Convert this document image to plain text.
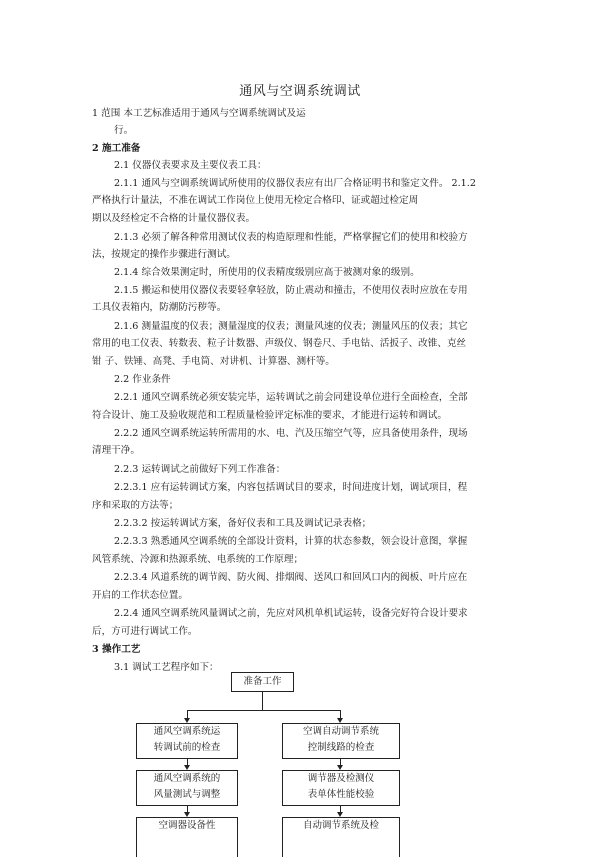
通风与空调系统调试
1 范围 本工艺标准适用于通风与空调系统调试及运
行。
2 施工准备
2.1 仪器仪表要求及主要仪表工具：
2.1.1 通风与空调系统调试所使用的仪器仪表应有出厂合格证明书和鉴定文件。 2.1.2
严格执行计量法，不准在调试工作岗位上使用无检定合格印、证或超过检定周
期以及经检定不合格的计量仪器仪表。
2.1.3 必须了解各种常用测试仪表的构造原理和性能，严格掌握它们的使用和校验方
法，按规定的操作步骤进行测试。
2.1.4 综合效果测定时，所使用的仪表精度级别应高于被测对象的级别。
2.1.5 搬运和使用仪器仪表要轻拿轻放，防止震动和撞击，不使用仪表时应放在专用
工具仪表箱内，防潮防污秽等。
2.1.6 测量温度的仪表；测量湿度的仪表；测量风速的仪表；测量风压的仪表；其它
常用的电工仪表、转数表、粒子计数器、声级仪、钢卷尺、手电钻、活扳子、改锥、克丝
钳 子、铁锤、高凳、手电筒、对讲机、计算器、测杆等。
2.2 作业条件
2.2.1 通风空调系统必须安装完毕，运转调试之前会同建设单位进行全面检查，全部
符合设计、施工及验收规范和工程质量检验评定标准的要求，才能进行运转和调试。
2.2.2 通风空调系统运转所需用的水、电、汽及压缩空气等，应具备使用条件，现场
清理干净。
2.2.3 运转调试之前做好下列工作准备：
2.2.3.1 应有运转调试方案，内容包括调试目的要求，时间进度计划，调试项目，程
序和采取的方法等；
2.2.3.2 按运转调试方案，备好仪表和工具及调试记录表格；
2.2.3.3 熟悉通风空调系统的全部设计资料，计算的状态参数，领会设计意图，掌握
风管系统、冷源和热源系统、电系统的工作原理；
2.2.3.4 风道系统的调节阀、防火阀、排烟阀、送风口和回风口内的阀板、叶片应在
开启的工作状态位置。
2.2.4 通风空调系统风量调试之前，先应对风机单机试运转，设备完好符合设计要求
后，方可进行调试工作。
3 操作工艺
3.1 调试工艺程序如下：
准备工作
通风空调系统运
转调试前的检查
空调自动调节系统
控制线路的检查
通风空调系统的
风量测试与调整
调节器及检测仪
表单体性能校验
空调器设备性	自动调节系统及检
